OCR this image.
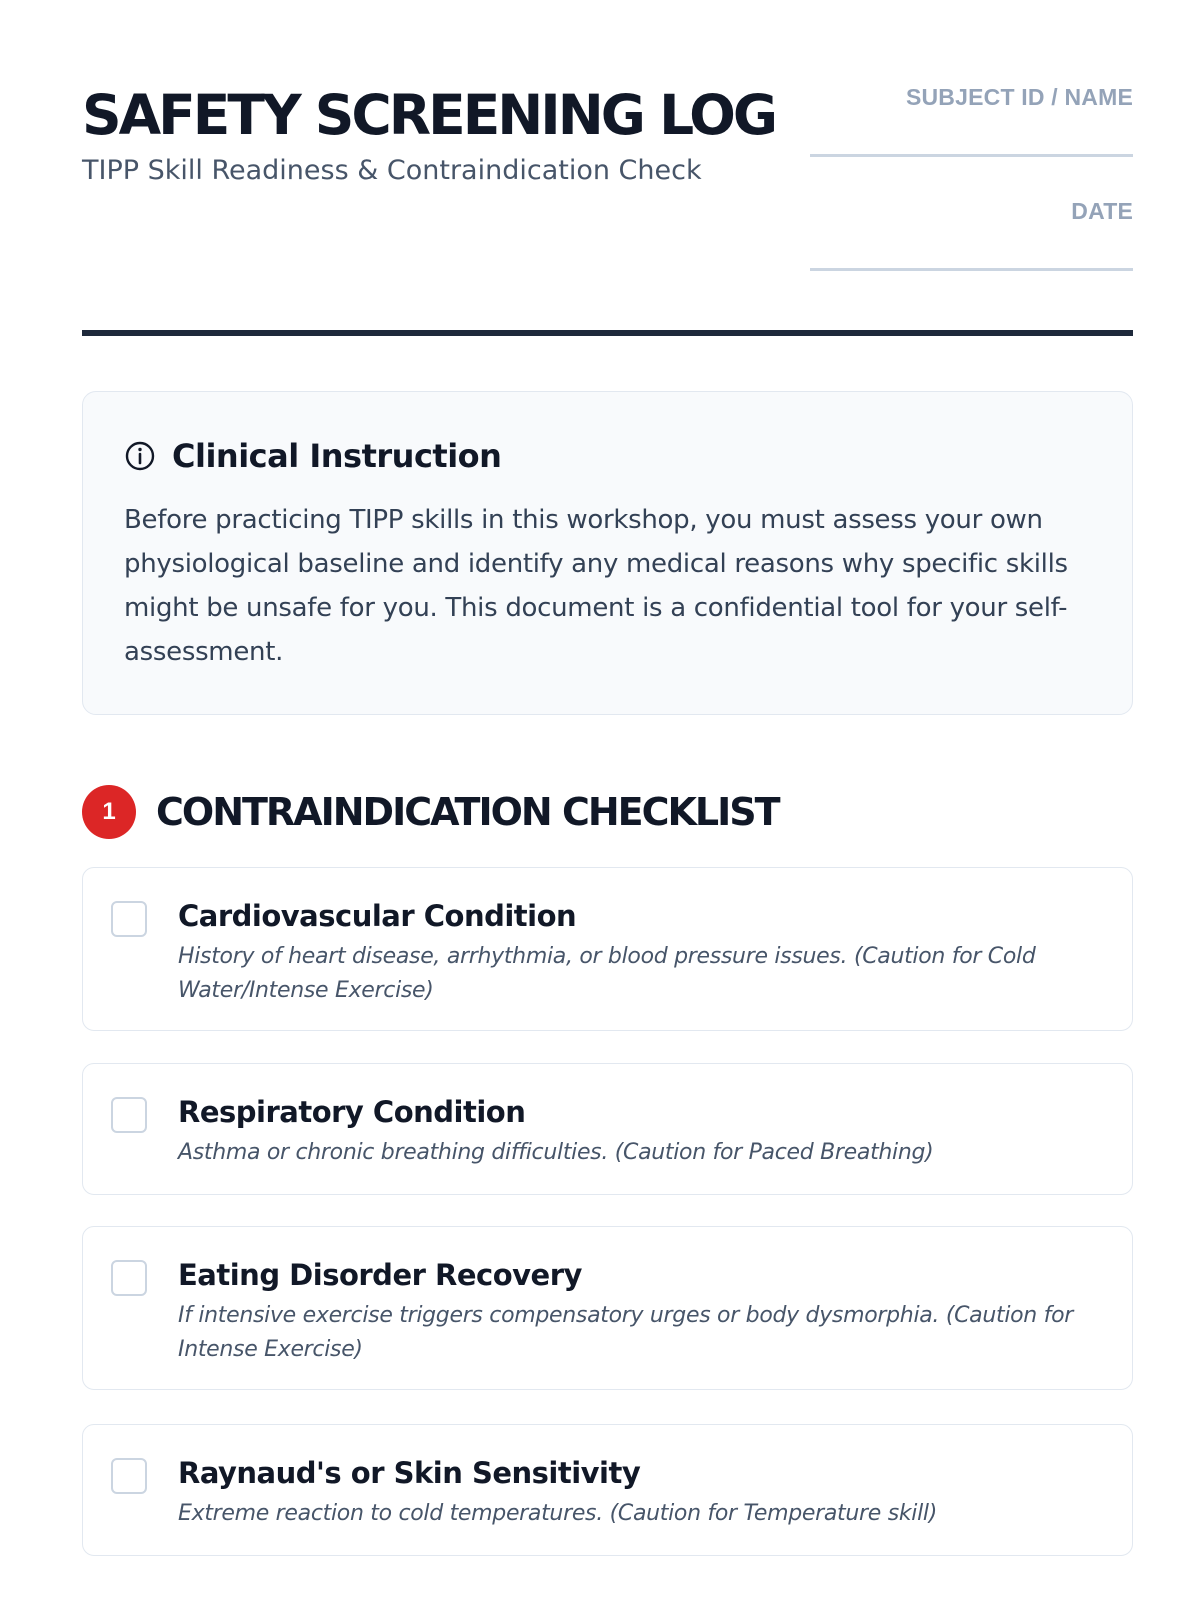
SAFETY SCREENING LOG

TIPP Skill Readiness & Contraindication Check

SUBJECT ID / NAME
DATE
Clinical Instruction

Before practicing TIPP skills in this workshop, you must assess your own physiological baseline and identify any medical reasons why specific skills might be unsafe for you. This document is a confidential tool for your self-assessment.

1	CONTRAINDICATION CHECKLIST
Cardiovascular Condition
History of heart disease, arrhythmia, or blood pressure issues. (Caution for Cold Water/Intense Exercise)
Respiratory Condition
Asthma or chronic breathing difficulties. (Caution for Paced Breathing)
Eating Disorder Recovery
If intensive exercise triggers compensatory urges or body dysmorphia. (Caution for Intense Exercise)
Raynaud's or Skin Sensitivity
Extreme reaction to cold temperatures. (Caution for Temperature skill)
